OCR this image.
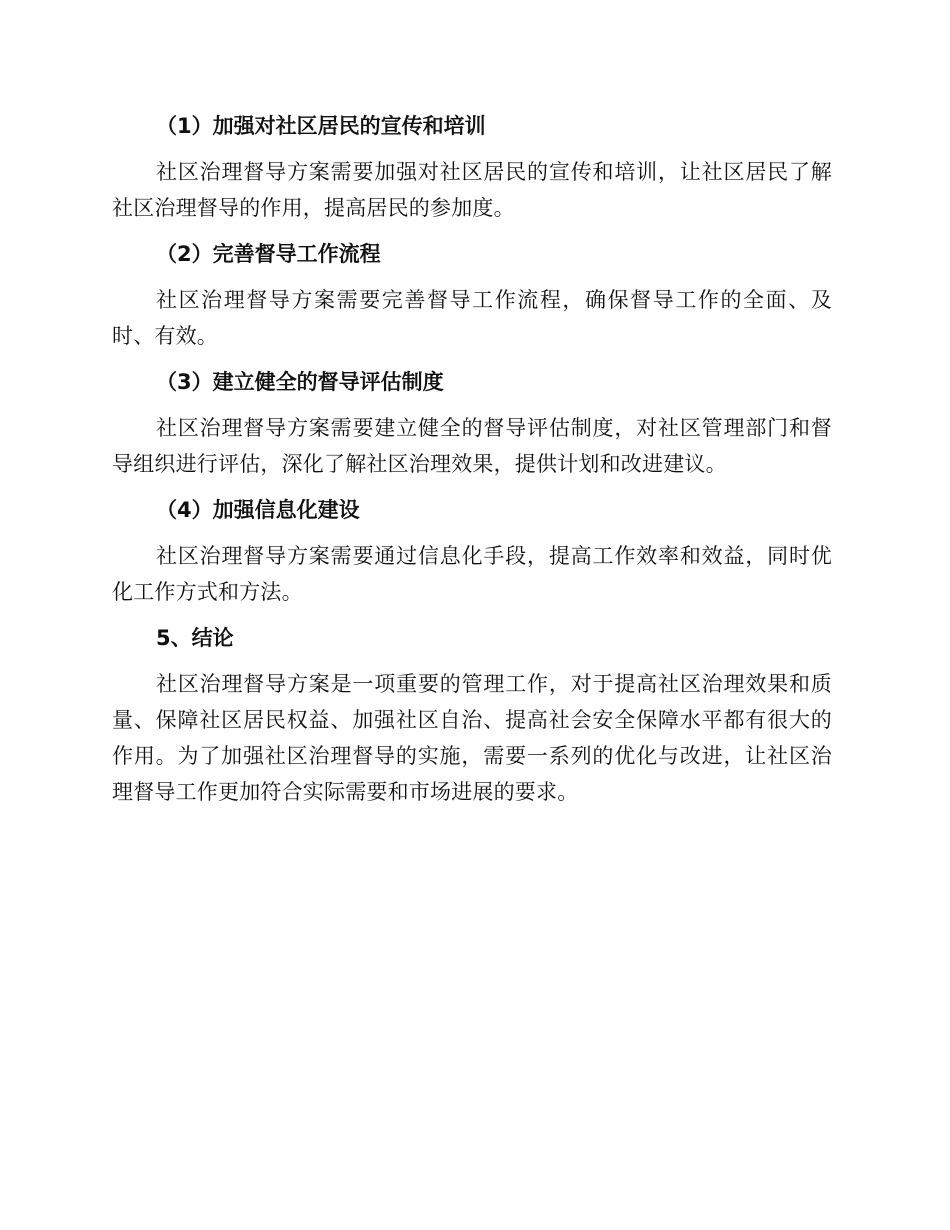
（1）加强对社区居民的宣传和培训

社区治理督导方案需要加强对社区居民的宣传和培训，让社区居民了解社区治理督导的作用，提高居民的参加度。

（2）完善督导工作流程

社区治理督导方案需要完善督导工作流程，确保督导工作的全面、及时、有效。

（3）建立健全的督导评估制度

社区治理督导方案需要建立健全的督导评估制度，对社区管理部门和督导组织进行评估，深化了解社区治理效果，提供计划和改进建议。

（4）加强信息化建设

社区治理督导方案需要通过信息化手段，提高工作效率和效益，同时优化工作方式和方法。

5、结论

社区治理督导方案是一项重要的管理工作，对于提高社区治理效果和质量、保障社区居民权益、加强社区自治、提高社会安全保障水平都有很大的作用。为了加强社区治理督导的实施，需要一系列的优化与改进，让社区治理督导工作更加符合实际需要和市场进展的要求。
